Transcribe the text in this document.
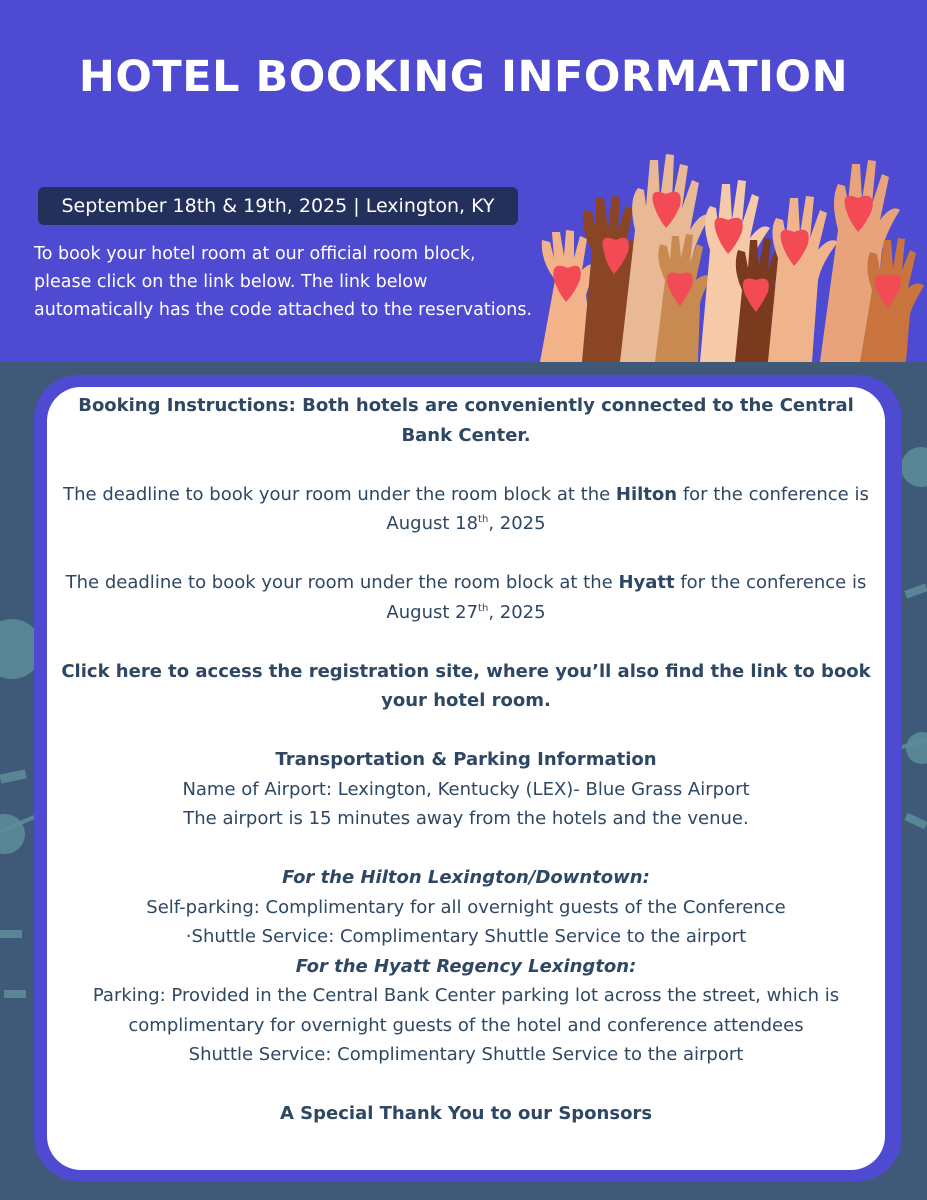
HOTEL BOOKING INFORMATION
September 18th & 19th, 2025 | Lexington, KY
To book your hotel room at our official room block, please click on the link below. The link below automatically has the code attached to the reservations.

Booking Instructions: Both hotels are conveniently connected to the Central Bank Center.

The deadline to book your room under the room block at the Hilton for the conference is August 18th, 2025

The deadline to book your room under the room block at the Hyatt for the conference is August 27th, 2025

Click here to access the registration site, where you’ll also find the link to book your hotel room.

Transportation & Parking Information

Name of Airport: Lexington, Kentucky (LEX)- Blue Grass Airport

The airport is 15 minutes away from the hotels and the venue.

For the Hilton Lexington/Downtown:

Self-parking: Complimentary for all overnight guests of the Conference

·Shuttle Service: Complimentary Shuttle Service to the airport

For the Hyatt Regency Lexington:

Parking: Provided in the Central Bank Center parking lot across the street, which is complimentary for overnight guests of the hotel and conference attendees

Shuttle Service: Complimentary Shuttle Service to the airport

A Special Thank You to our Sponsors
